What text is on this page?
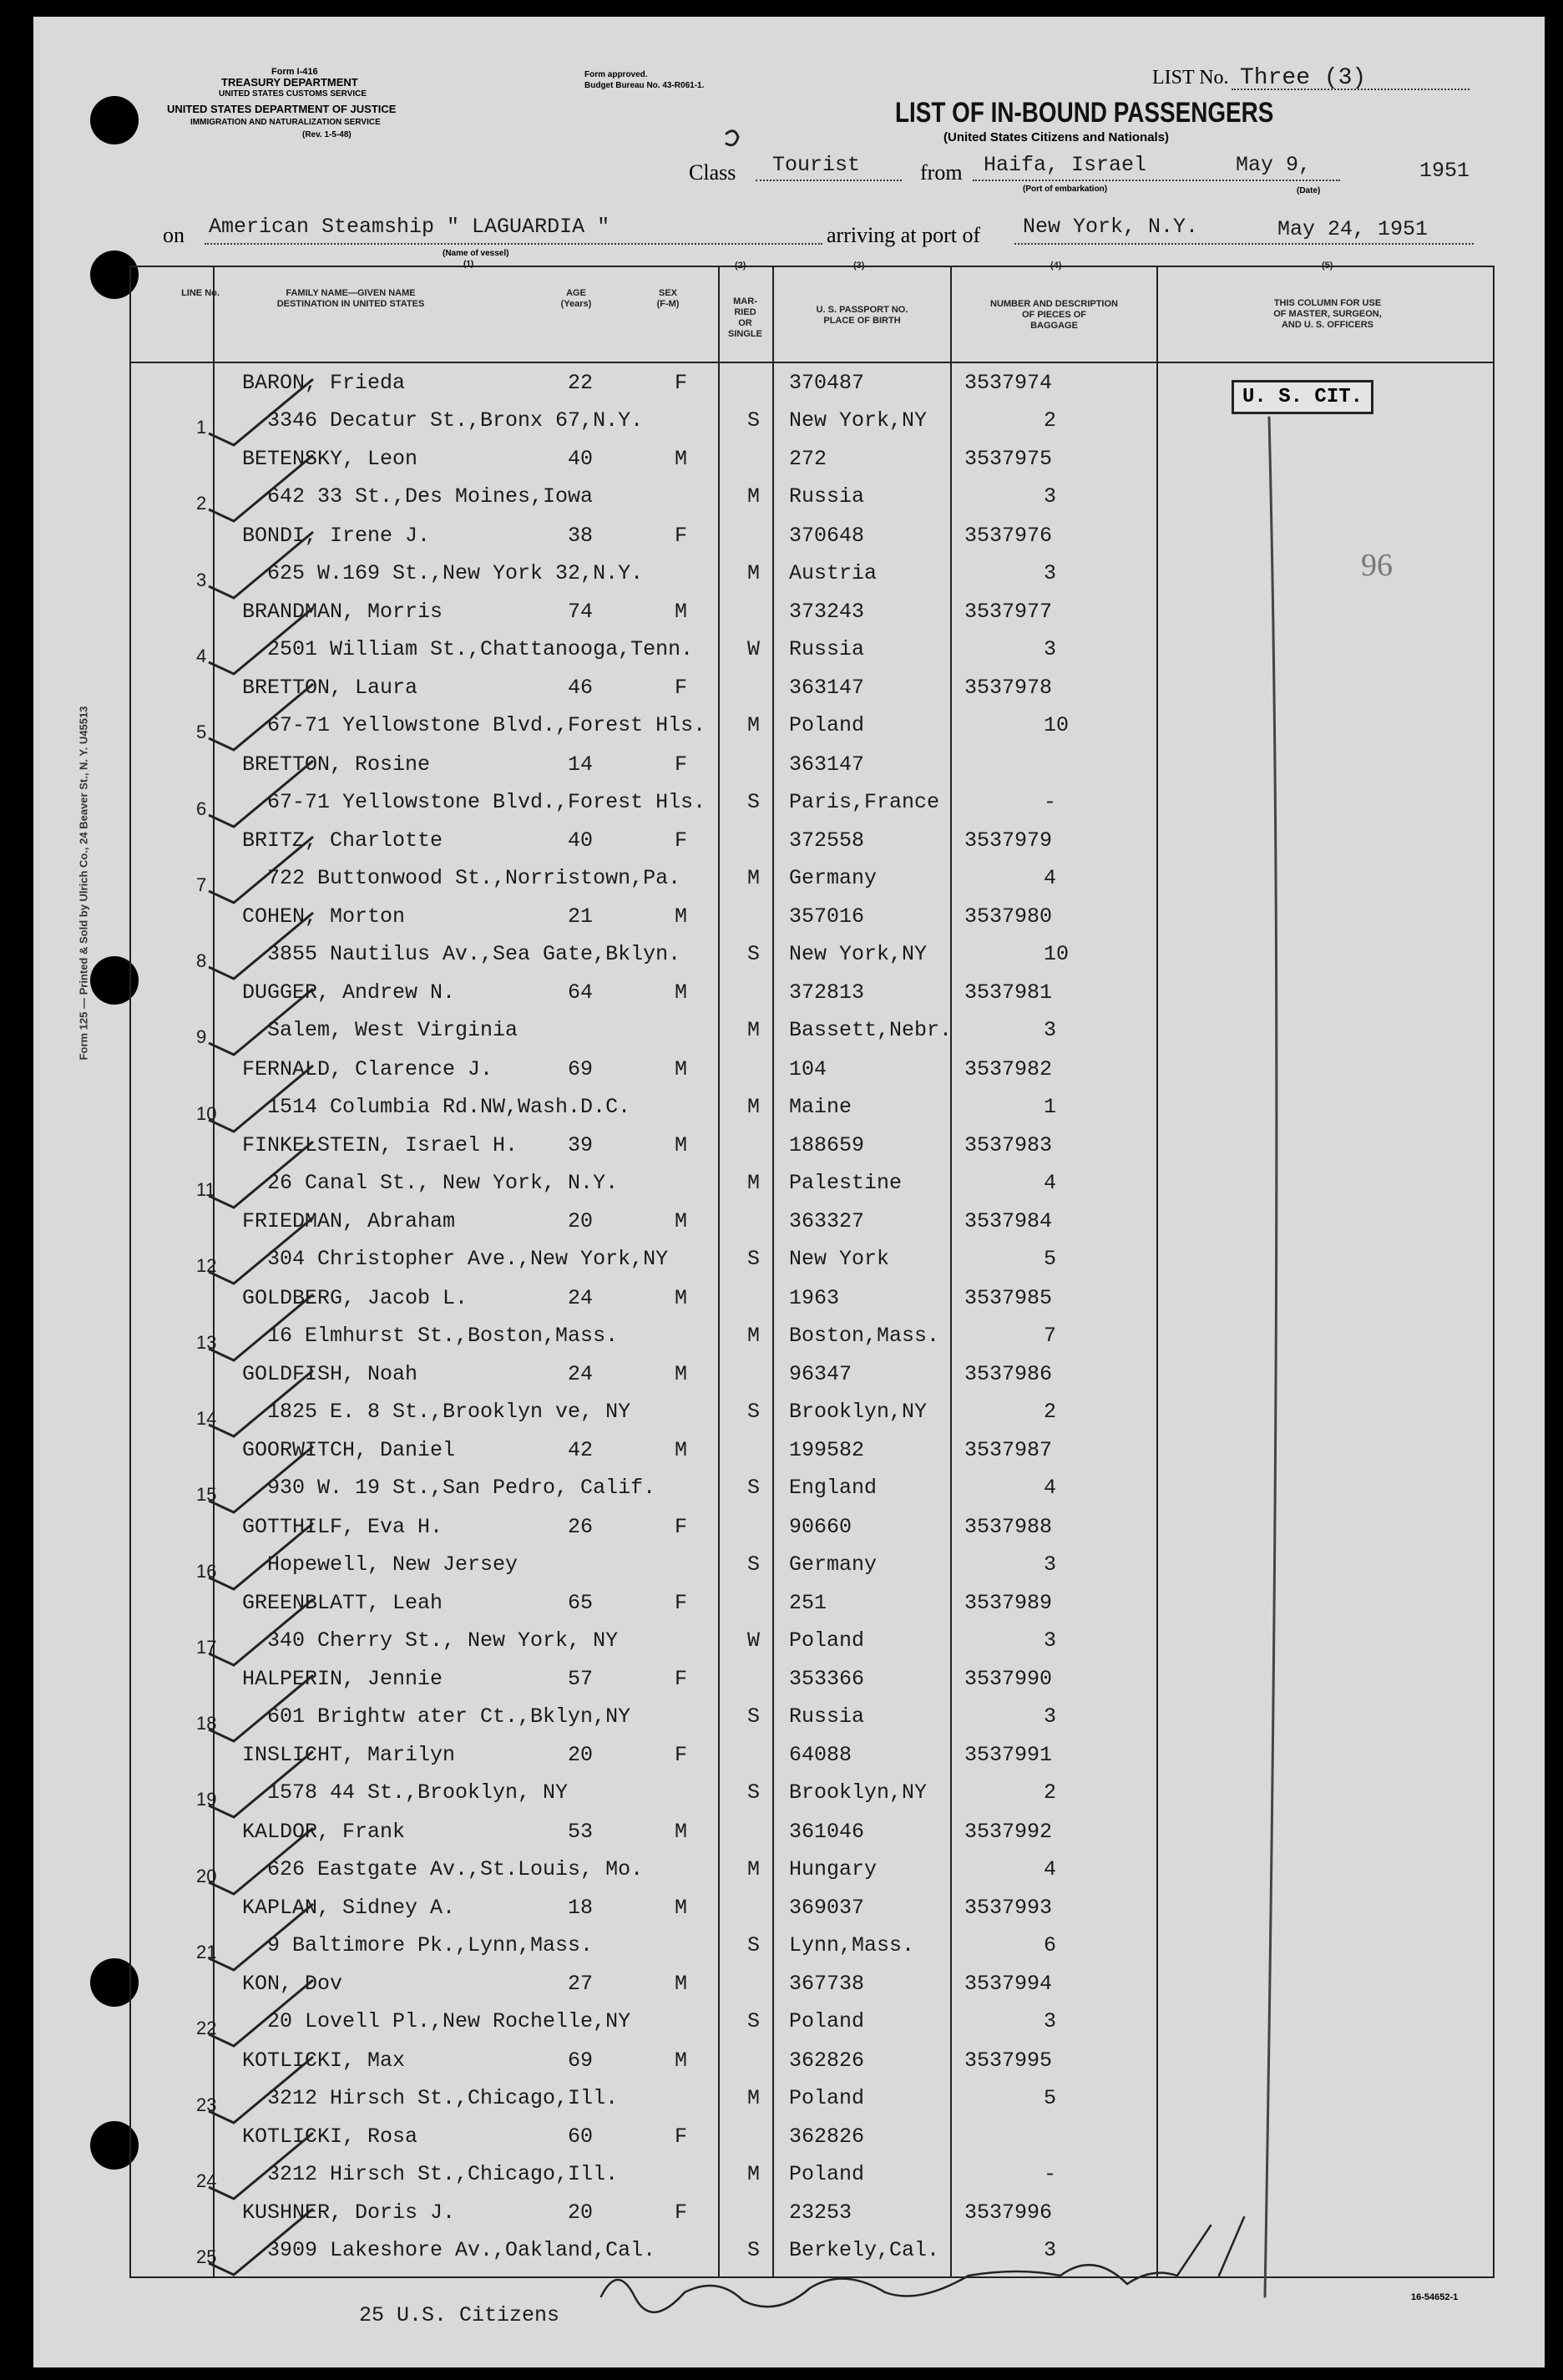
Form 125 — Printed & Sold by Ulrich Co., 24 Beaver St., N. Y. U45513
Form I-416
TREASURY DEPARTMENT
UNITED STATES CUSTOMS SERVICE
UNITED STATES DEPARTMENT OF JUSTICE
IMMIGRATION AND NATURALIZATION SERVICE
(Rev. 1-5-48)
Form approved.
Budget Bureau No. 43-R061-1.	LIST No. Three (3)
LIST OF IN-BOUND PASSENGERS
(United States Citizens and Nationals)
Class Tourist	from Haifa, Israel
(Port of embarkation)
May 9,	1951
(Date)
on American Steamship " LAGUARDIA "
(Name of vessel)
(1)
arriving at port of New York, N.Y.	May 24, 1951
LINE No.	FAMILY NAME—GIVEN NAME
DESTINATION IN UNITED STATES
AGE
(Years)
SEX
(F-M)	MAR-
RIED
OR
SINGLE
U. S. PASSPORT NO.
PLACE OF BIRTH
NUMBER AND DESCRIPTION
OF PIECES OF
BAGGAGE
THIS COLUMN FOR USE
OF MASTER, SURGEON,
AND U. S. OFFICERS
(2)	(3)	(4)	(5)
BARON, Frieda	22	F	370487	3537974
3346 Decatur St.,Bronx 67,N.Y.	S New York,NY	2
1
BETENSKY, Leon	40	M	272	3537975
642 33 St.,Des Moines,Iowa	M Russia	3
2
BONDI, Irene J.	38	F	370648	3537976
625 W.169 St.,New York 32,N.Y.	M Austria	3
3
BRANDMAN, Morris	74	M	373243	3537977
2501 William St.,Chattanooga,Tenn.	W Russia	3
4
BRETTON, Laura	46	F	363147	3537978
67-71 Yellowstone Blvd.,Forest Hls. M Poland	10
5
BRETTON, Rosine	14	F	363147
67-71 Yellowstone Blvd.,Forest Hls. S Paris,France	-
6
BRITZ, Charlotte	40	F	372558	3537979
722 Buttonwood St.,Norristown,Pa.	M Germany	4
7
COHEN, Morton	21	M	357016	3537980
3855 Nautilus Av.,Sea Gate,Bklyn.	S New York,NY	10
8
DUGGER, Andrew N.	64	M	372813	3537981
Salem, West Virginia	M Bassett,Nebr.	3
9
FERNALD, Clarence J.	69	M	104	3537982
1514 Columbia Rd.NW,Wash.D.C.	M Maine	1
10
FINKELSTEIN, Israel H. 39	M	188659	3537983
26 Canal St., New York, N.Y.	M Palestine	4
11
FRIEDMAN, Abraham	20	M	363327	3537984
304 Christopher Ave.,New York,NY	S New York	5
12
GOLDBERG, Jacob L.	24	M	1963	3537985
16 Elmhurst St.,Boston,Mass.	M Boston,Mass.	7
13
GOLDFISH, Noah	24	M	96347	3537986
1825 E. 8 St.,Brooklyn ve, NY	S Brooklyn,NY	2
14
GOORWITCH, Daniel	42	M	199582	3537987
930 W. 19 St.,San Pedro, Calif.	S England	4
15
GOTTHILF, Eva H.	26	F	90660	3537988
Hopewell, New Jersey	S Germany	3
16
GREENBLATT, Leah	65	F	251	3537989
340 Cherry St., New York, NY	W Poland	3
17
HALPERIN, Jennie	57	F	353366	3537990
601 Brightw ater Ct.,Bklyn,NY	S Russia	3
18
INSLICHT, Marilyn	20	F	64088	3537991
1578 44 St.,Brooklyn, NY	S Brooklyn,NY	2
19
KALDOR, Frank	53	M	361046	3537992
626 Eastgate Av.,St.Louis, Mo.	M Hungary	4
20
KAPLAN, Sidney A.	18	M	369037	3537993
9 Baltimore Pk.,Lynn,Mass.	S Lynn,Mass.	6
21
KON, Dov	27	M	367738	3537994
20 Lovell Pl.,New Rochelle,NY	S Poland	3
22
KOTLICKI, Max	69	M	362826	3537995
3212 Hirsch St.,Chicago,Ill.	M Poland	5
23
KOTLICKI, Rosa	60	F	362826
3212 Hirsch St.,Chicago,Ill.	M Poland	-
24
KUSHNER, Doris J.	20	F	23253	3537996
3909 Lakeshore Av.,Oakland,Cal.	S Berkely,Cal.	3
25
U. S. CIT.
96
25 U.S. Citizens
16-54652-1
